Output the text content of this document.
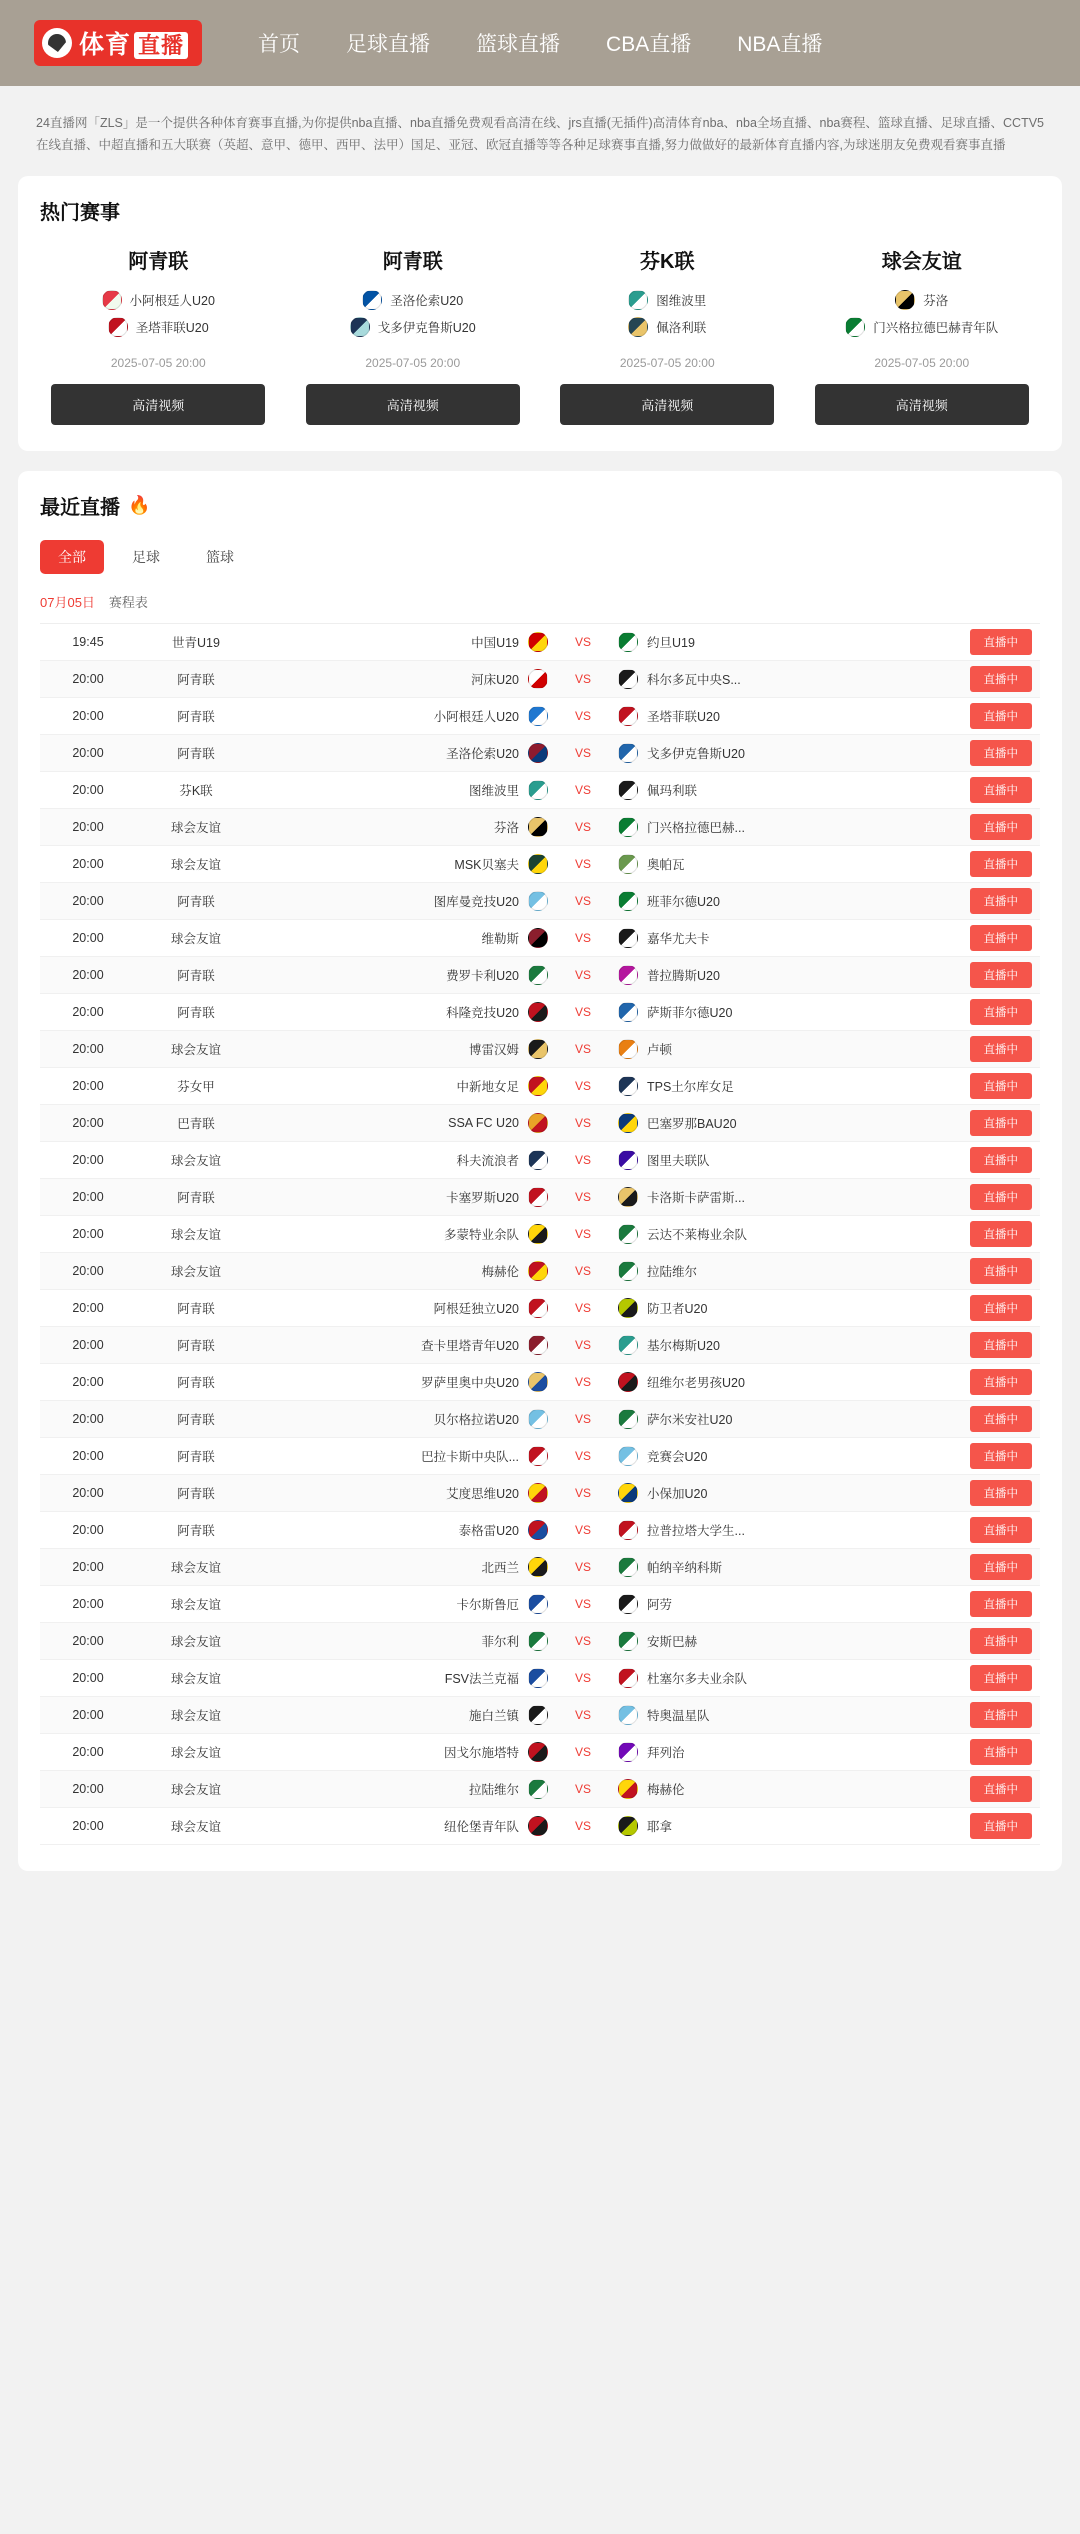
体育 直播	首页 足球直播 篮球直播 CBA直播 NBA直播
24直播网「ZLS」是一个提供各种体育赛事直播,为你提供nba直播、nba直播免费观看高清在线、jrs直播(无插件)高清体育nba、nba全场直播、nba赛程、篮球直播、足球直播、CCTV5在线直播、中超直播和五大联赛（英超、意甲、德甲、西甲、法甲）国足、亚冠、欧冠直播等等各种足球赛事直播,努力做做好的最新体育直播内容,为球迷朋友免费观看赛事直播
热门赛事
阿青联
小阿根廷人U20
圣塔菲联U20
2025-07-05 20:00
高清视频
阿青联
圣洛伦索U20
戈多伊克鲁斯U20
2025-07-05 20:00
高清视频
芬K联
图维波里
佩洛利联
2025-07-05 20:00
高清视频
球会友谊
芬洛
门兴格拉德巴赫青年队
2025-07-05 20:00
高清视频
最近直播 🔥
全部	足球	篮球
07月05日 赛程表
19:45	世青U19	中国U19	VS	约旦U19	直播中
20:00	阿青联	河床U20	VS	科尔多瓦中央S...	直播中
20:00	阿青联	小阿根廷人U20	VS	圣塔菲联U20	直播中
20:00	阿青联	圣洛伦索U20	VS	戈多伊克鲁斯U20	直播中
20:00	芬K联	图维波里	VS	佩玛利联	直播中
20:00	球会友谊	芬洛	VS	门兴格拉德巴赫...	直播中
20:00	球会友谊	MSK贝塞夫	VS	奥帕瓦	直播中
20:00	阿青联	图库曼竞技U20	VS	班菲尔德U20	直播中
20:00	球会友谊	维勒斯	VS	嘉华尤夫卡	直播中
20:00	阿青联	费罗卡利U20	VS	普拉腾斯U20	直播中
20:00	阿青联	科隆竞技U20	VS	萨斯菲尔德U20	直播中
20:00	球会友谊	博雷汉姆	VS	卢顿	直播中
20:00	芬女甲	中新地女足	VS	TPS土尔库女足	直播中
20:00	巴青联	SSA FC U20	VS	巴塞罗那BAU20	直播中
20:00	球会友谊	科夫流浪者	VS	图里夫联队	直播中
20:00	阿青联	卡塞罗斯U20	VS	卡洛斯卡萨雷斯...	直播中
20:00	球会友谊	多蒙特业余队	VS	云达不莱梅业余队	直播中
20:00	球会友谊	梅赫伦	VS	拉陆维尔	直播中
20:00	阿青联	阿根廷独立U20	VS	防卫者U20	直播中
20:00	阿青联	查卡里塔青年U20	VS	基尔梅斯U20	直播中
20:00	阿青联	罗萨里奥中央U20	VS	纽维尔老男孩U20	直播中
20:00	阿青联	贝尔格拉诺U20	VS	萨尔米安社U20	直播中
20:00	阿青联	巴拉卡斯中央队...	VS	竞赛会U20	直播中
20:00	阿青联	艾度思维U20	VS	小保加U20	直播中
20:00	阿青联	泰格雷U20	VS	拉普拉塔大学生...	直播中
20:00	球会友谊	北西兰	VS	帕纳辛纳科斯	直播中
20:00	球会友谊	卡尔斯鲁厄	VS	阿劳	直播中
20:00	球会友谊	菲尔利	VS	安斯巴赫	直播中
20:00	球会友谊	FSV法兰克福	VS	杜塞尔多夫业余队	直播中
20:00	球会友谊	施白兰镇	VS	特奥温星队	直播中
20:00	球会友谊	因戈尔施塔特	VS	拜列治	直播中
20:00	球会友谊	拉陆维尔	VS	梅赫伦	直播中
20:00	球会友谊	纽伦堡青年队	VS	耶拿	直播中
